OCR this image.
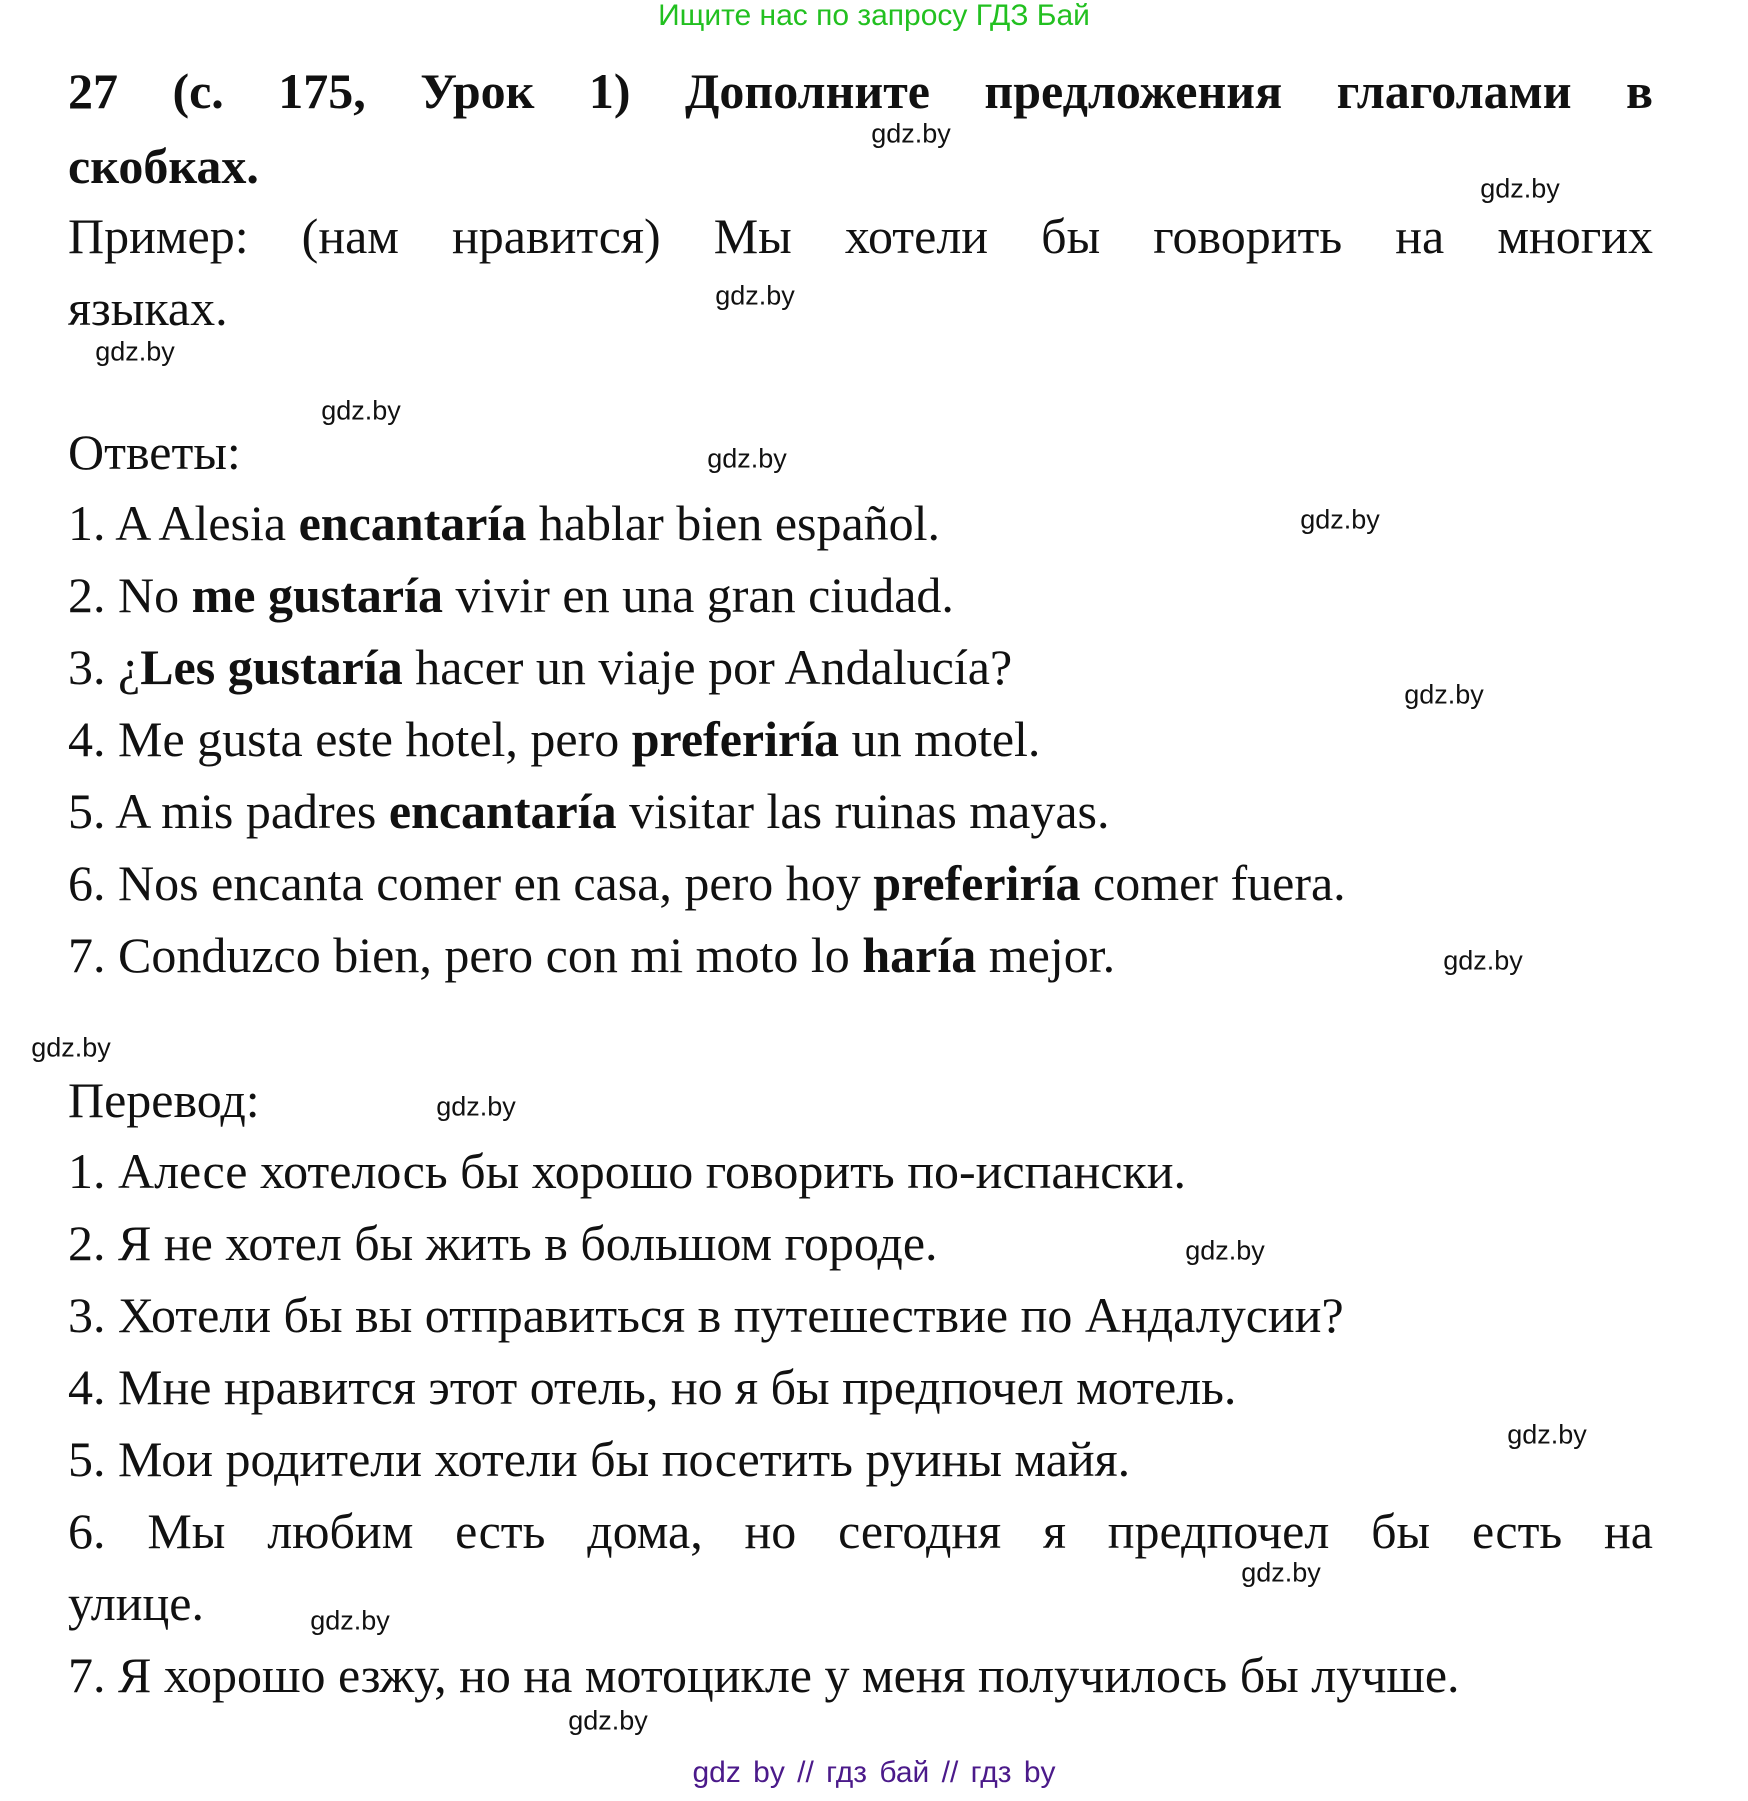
Ищите нас по запросу ГДЗ Бай
27 (с. 175, Урок 1) Дополните предложения глаголами в
скобках.
Пример: (нам нравится) Мы хотели бы говорить на многих
языках.
Ответы:
1. A Alesia encantaría hablar bien español.
2. No me gustaría vivir en una gran ciudad.
3. ¿Les gustaría hacer un viaje por Andalucía?
4. Me gusta este hotel, pero preferiría un motel.
5. A mis padres encantaría visitar las ruinas mayas.
6. Nos encanta comer en casa, pero hoy preferiría comer fuera.
7. Conduzco bien, pero con mi moto lo haría mejor.
Перевод:
1. Алесе хотелось бы хорошо говорить по-испански.
2. Я не хотел бы жить в большом городе.
3. Хотели бы вы отправиться в путешествие по Андалусии?
4. Мне нравится этот отель, но я бы предпочел мотель.
5. Мои родители хотели бы посетить руины майя.
6. Мы любим есть дома, но сегодня я предпочел бы есть на
улице.
7. Я хорошо езжу, но на мотоцикле у меня получилось бы лучше.
gdz.by
gdz.by
gdz.by
gdz.by
gdz.by
gdz.by
gdz.by
gdz.by
gdz.by
gdz.by
gdz.by
gdz.by
gdz.by
gdz.by
gdz.by
gdz.by
gdz by // гдз бай // гдз by
